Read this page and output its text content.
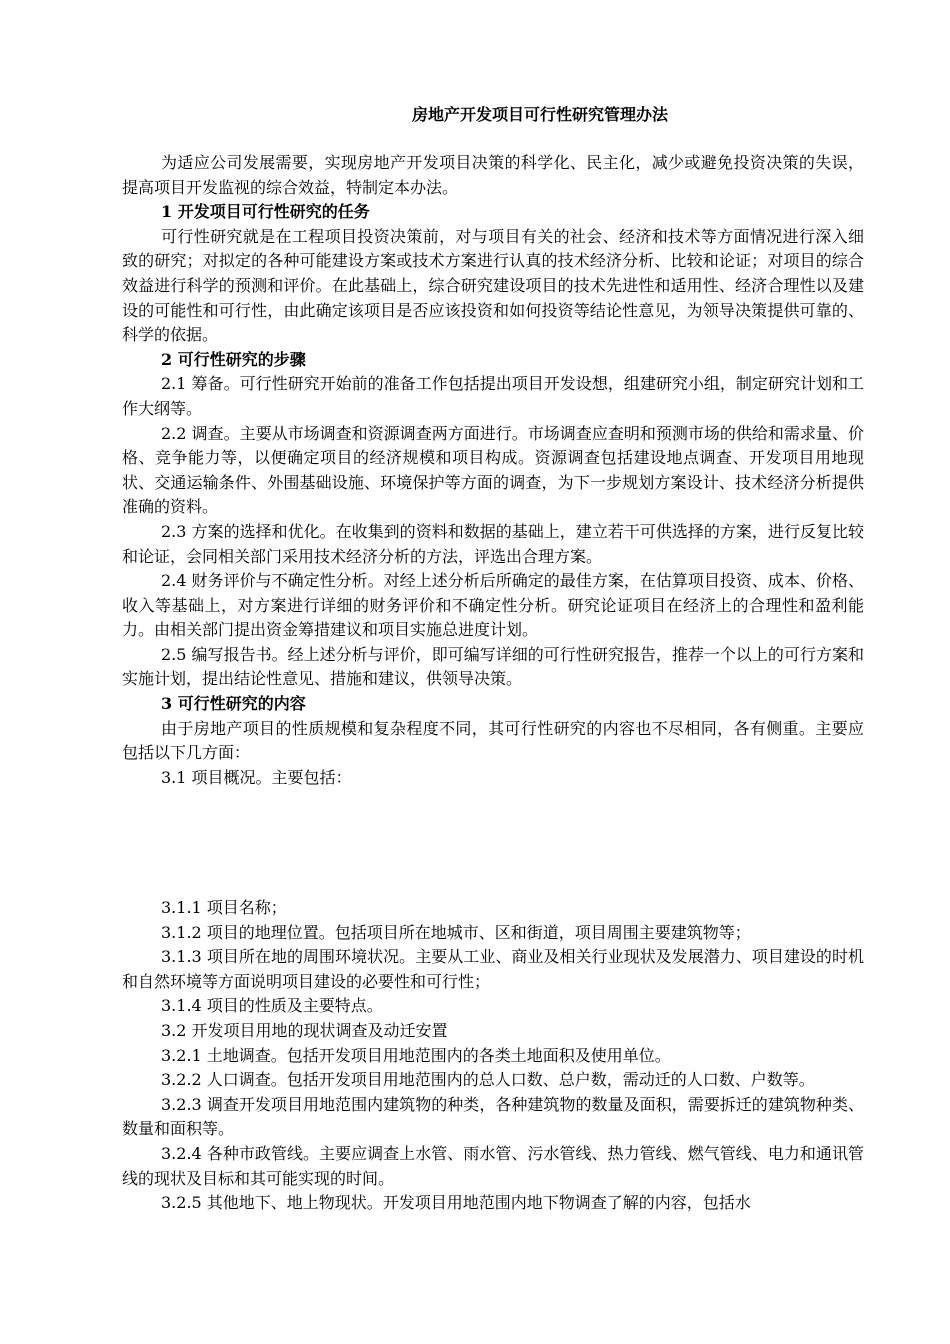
房地产开发项目可行性研究管理办法

为适应公司发展需要，实现房地产开发项目决策的科学化、民主化，减少或避免投资决策的失误，提高项目开发监视的综合效益，特制定本办法。

1 开发项目可行性研究的任务

可行性研究就是在工程项目投资决策前，对与项目有关的社会、经济和技术等方面情况进行深入细致的研究；对拟定的各种可能建设方案或技术方案进行认真的技术经济分析、比较和论证；对项目的综合效益进行科学的预测和评价。在此基础上，综合研究建设项目的技术先进性和适用性、经济合理性以及建设的可能性和可行性，由此确定该项目是否应该投资和如何投资等结论性意见，为领导决策提供可靠的、科学的依据。

2 可行性研究的步骤

2.1 筹备。可行性研究开始前的准备工作包括提出项目开发设想，组建研究小组，制定研究计划和工作大纲等。

2.2 调查。主要从市场调查和资源调查两方面进行。市场调查应查明和预测市场的供给和需求量、价格、竞争能力等，以便确定项目的经济规模和项目构成。资源调查包括建设地点调查、开发项目用地现状、交通运输条件、外围基础设施、环境保护等方面的调查，为下一步规划方案设计、技术经济分析提供准确的资料。

2.3 方案的选择和优化。在收集到的资料和数据的基础上，建立若干可供选择的方案，进行反复比较和论证，会同相关部门采用技术经济分析的方法，评选出合理方案。

2.4 财务评价与不确定性分析。对经上述分析后所确定的最佳方案，在估算项目投资、成本、价格、收入等基础上，对方案进行详细的财务评价和不确定性分析。研究论证项目在经济上的合理性和盈利能力。由相关部门提出资金筹措建议和项目实施总进度计划。

2.5 编写报告书。经上述分析与评价，即可编写详细的可行性研究报告，推荐一个以上的可行方案和实施计划，提出结论性意见、措施和建议，供领导决策。

3 可行性研究的内容

由于房地产项目的性质规模和复杂程度不同，其可行性研究的内容也不尽相同，各有侧重。主要应包括以下几方面：

3.1 项目概况。主要包括：

3.1.1 项目名称；

3.1.2 项目的地理位置。包括项目所在地城市、区和街道，项目周围主要建筑物等；

3.1.3 项目所在地的周围环境状况。主要从工业、商业及相关行业现状及发展潜力、项目建设的时机和自然环境等方面说明项目建设的必要性和可行性；

3.1.4 项目的性质及主要特点。

3.2 开发项目用地的现状调查及动迁安置

3.2.1 土地调查。包括开发项目用地范围内的各类土地面积及使用单位。

3.2.2 人口调查。包括开发项目用地范围内的总人口数、总户数，需动迁的人口数、户数等。

3.2.3 调查开发项目用地范围内建筑物的种类，各种建筑物的数量及面积，需要拆迁的建筑物种类、数量和面积等。

3.2.4 各种市政管线。主要应调查上水管、雨水管、污水管线、热力管线、燃气管线、电力和通讯管线的现状及目标和其可能实现的时间。

3.2.5 其他地下、地上物现状。开发项目用地范围内地下物调查了解的内容，包括水
